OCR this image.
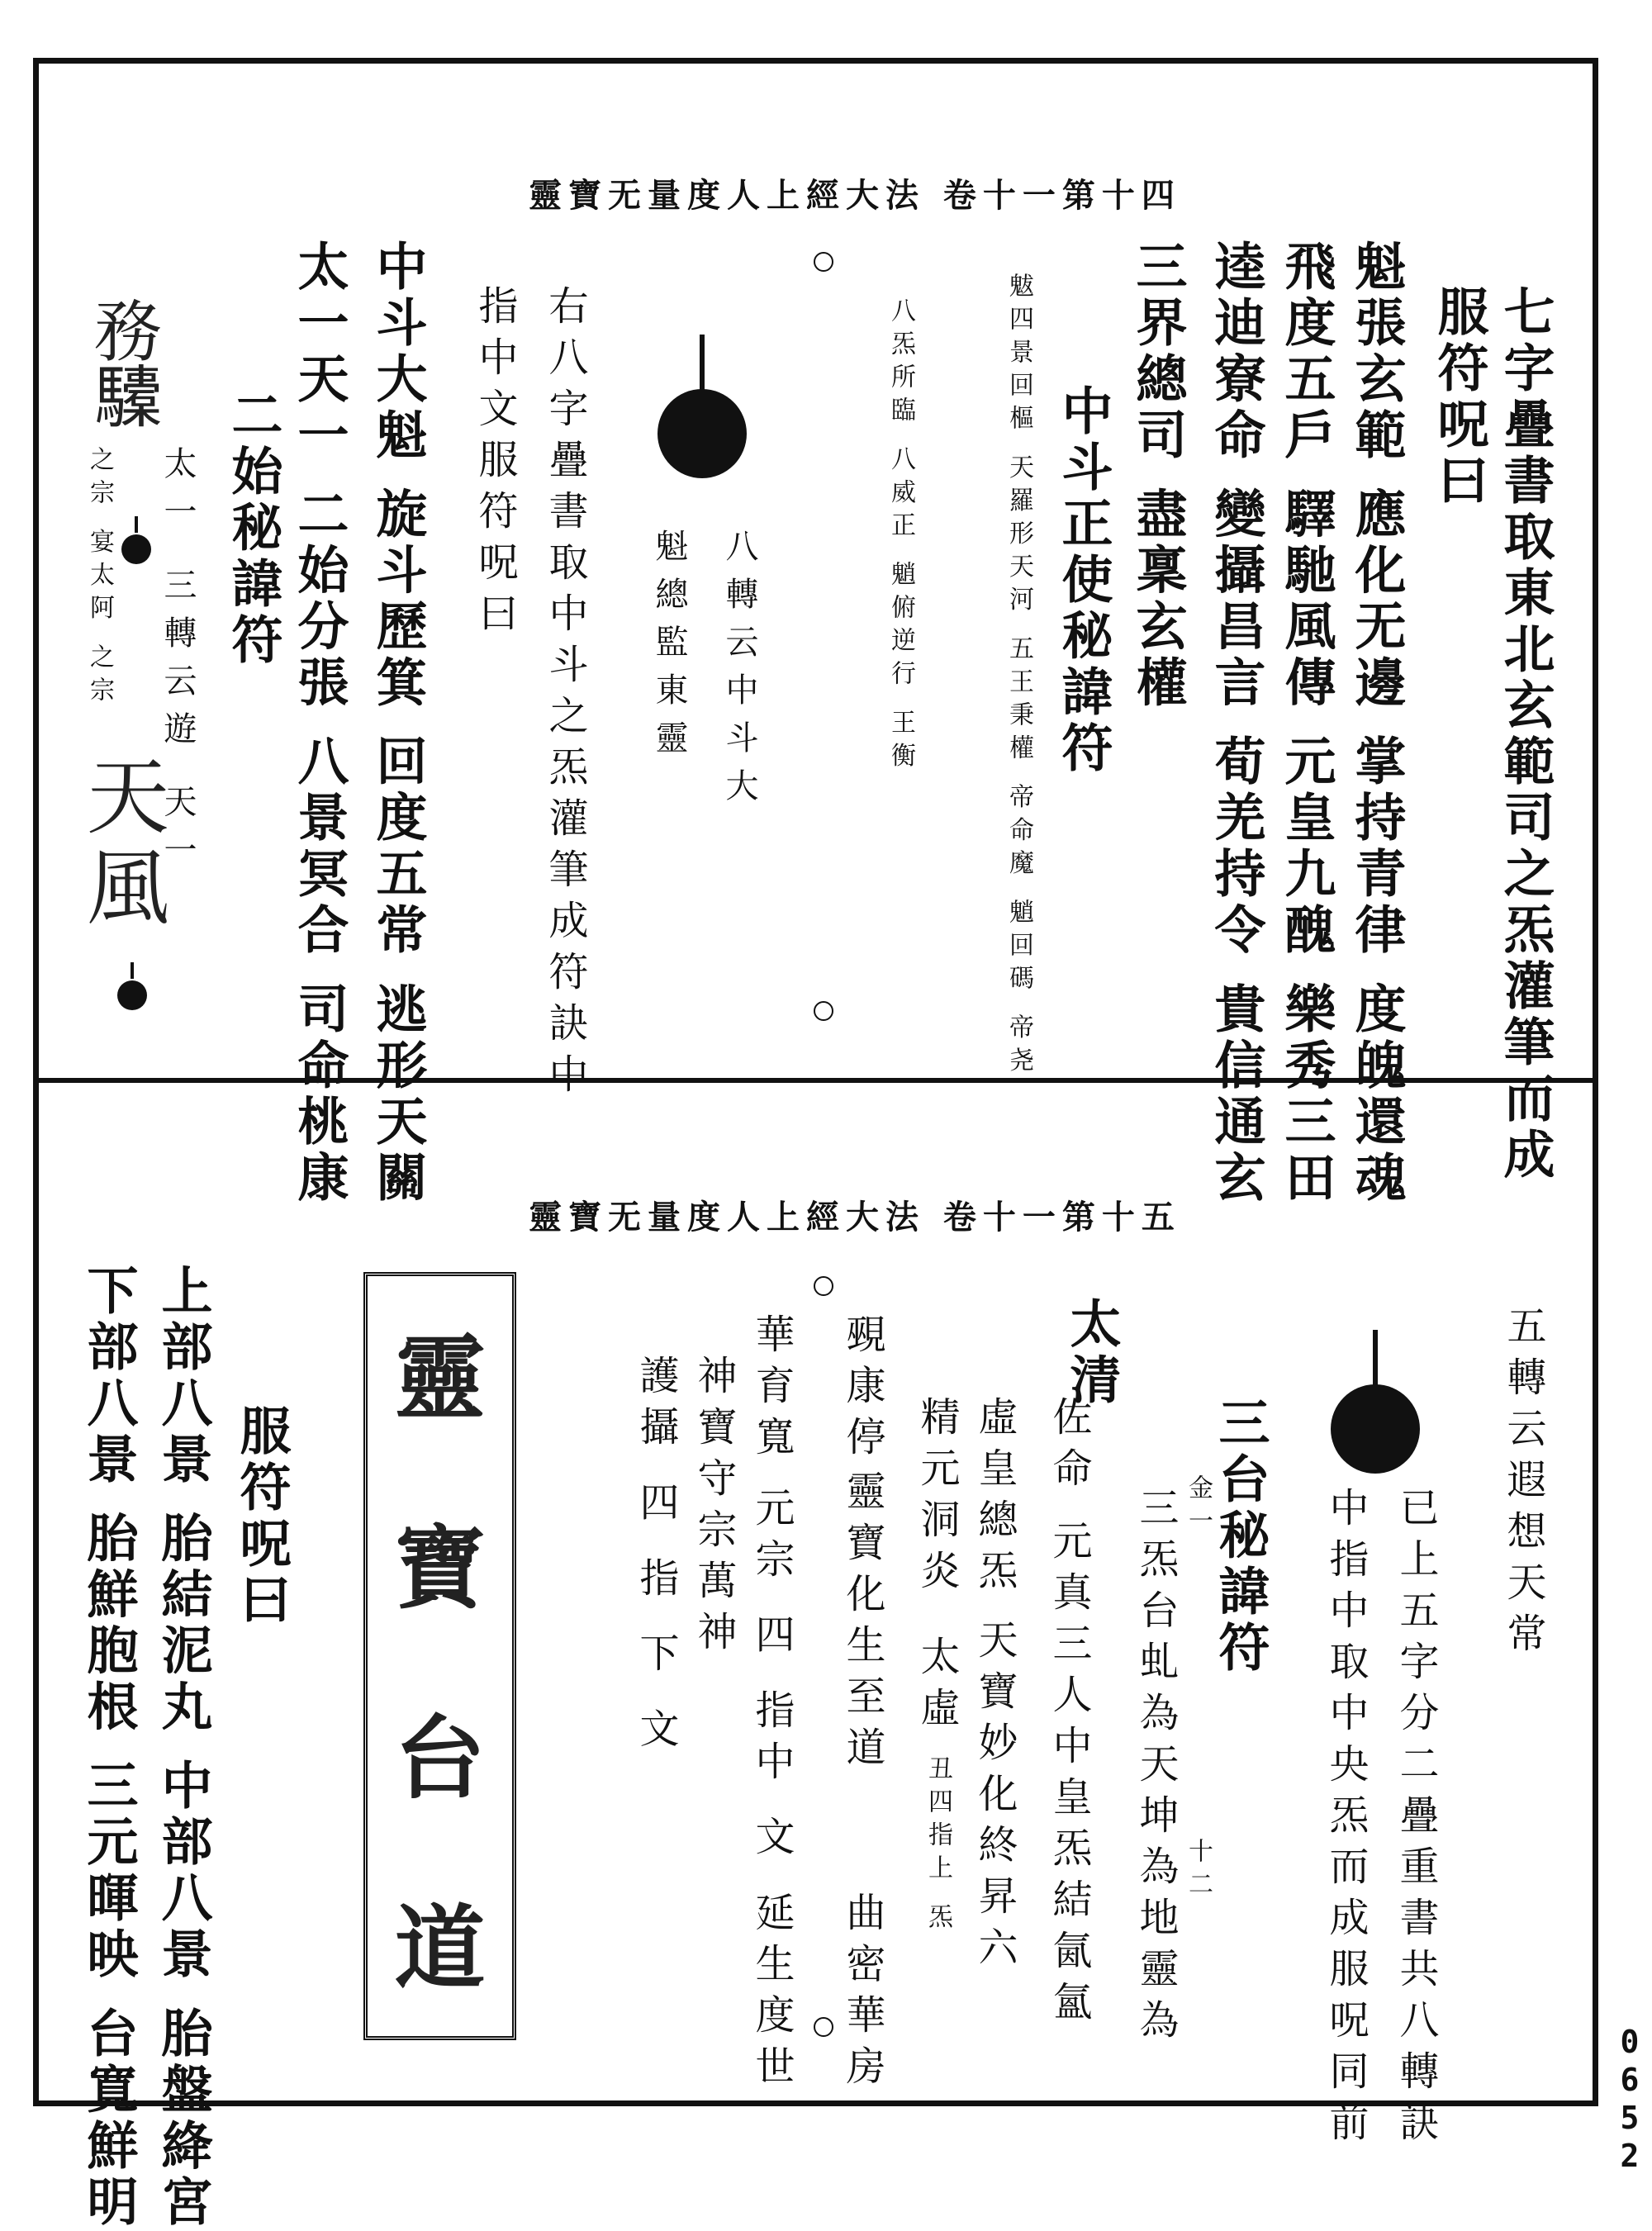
靈寶无量度人上經大法 卷十一第十四
七字疊書取東北玄範司之炁灌筆而成
服符呪曰
魁張玄範 應化无邊 掌持青律 度魄還魂
飛度五戶 驛馳風傳 元皇九醜 樂秀三田
逵迪寮命 變攝昌言 荀羌持令 貴信通玄
三界總司 盡稟玄權
中斗正使秘諱符
魃四景回樞 天羅形天河 五王秉權 帝命魔 魈回碼 帝尧
八炁所臨 八威正 魈俯逆行 王衡
八轉云中斗大
魁總監東靈
右八字疊書取中斗之炁灌筆成符訣中
指中文服符呪曰
中斗大魁 旋斗歷箕 回度五常 逃形天關
太一天一 二始分張 八景冥合 司命桃康
二始秘諱符
太一 三轉云遊 天一
之宗 宴太阿 之宗
務
𩧐
天
風
靈寶无量度人上經大法 卷十一第十五
五轉云遐想天常
已上五字分二疊重書共八轉訣
中指中取中央炁而成服呪同前
三台秘諱符
金一
三炁台虬為天坤為地靈為 十二
太清
佐命
元真三人中皇炁結氤氳
虛皇總炁
精元洞炎
天寶妙化終昇六
太虛
丑四指上 炁
覡康停
靈寶化生至道
曲密華房
華育寬
元宗 四 指中 文
延生度世
神寶守宗萬神
護攝 四 指 下 文
靈
寶
台
道
服符呪曰
上部八景 胎結泥丸 中部八景 胎盤絳宮
下部八景 胎鮮胞根 三元暉映 台寬鮮明	0652
